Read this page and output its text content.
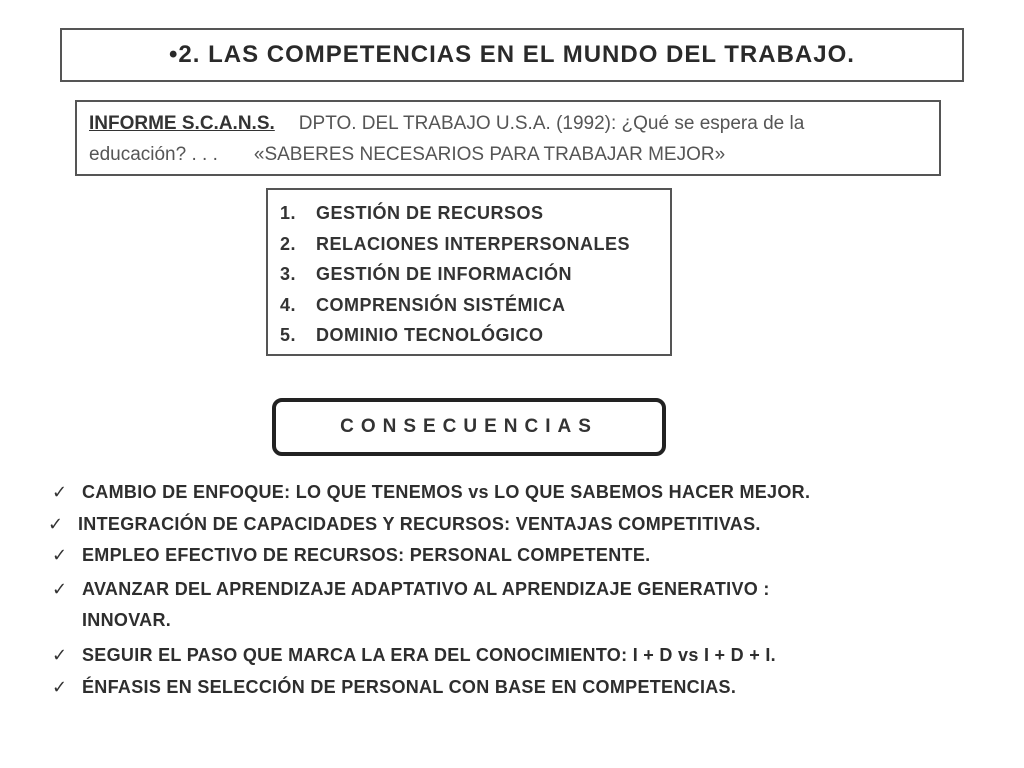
•2. LAS COMPETENCIAS EN EL MUNDO DEL TRABAJO.
INFORME S.C.A.N.S. DPTO. DEL TRABAJO U.S.A. (1992): ¿Qué se espera de la
educación? . . . «SABERES NECESARIOS PARA TRABAJAR MEJOR»
1. GESTIÓN DE RECURSOS
2. RELACIONES INTERPERSONALES
3. GESTIÓN DE INFORMACIÓN
4. COMPRENSIÓN SISTÉMICA
5. DOMINIO TECNOLÓGICO
CONSECUENCIAS
✓ CAMBIO DE ENFOQUE: LO QUE TENEMOS vs LO QUE SABEMOS HACER MEJOR.
✓ INTEGRACIÓN DE CAPACIDADES Y RECURSOS: VENTAJAS COMPETITIVAS.
✓ EMPLEO EFECTIVO DE RECURSOS: PERSONAL COMPETENTE.
✓ AVANZAR DEL APRENDIZAJE ADAPTATIVO AL APRENDIZAJE GENERATIVO :
INNOVAR.
✓ SEGUIR EL PASO QUE MARCA LA ERA DEL CONOCIMIENTO: I + D vs I + D + I.
✓ ÉNFASIS EN SELECCIÓN DE PERSONAL CON BASE EN COMPETENCIAS.
